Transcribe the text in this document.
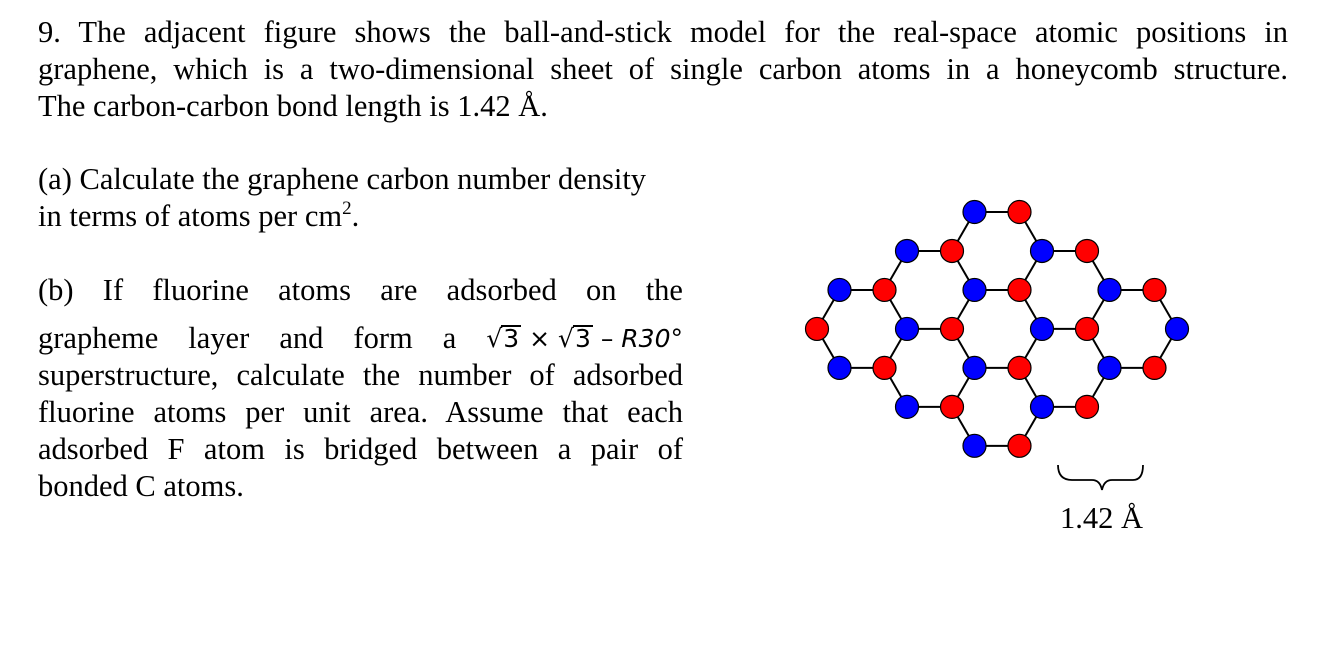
9. The adjacent figure shows the ball-and-stick model for the real-space atomic positions in
graphene, which is a two-dimensional sheet of single carbon atoms in a honeycomb structure.
The carbon-carbon bond length is 1.42 Å.
(a) Calculate the graphene carbon number density
in terms of atoms per $cm^2$.
(b) If fluorine atoms are adsorbed on the
grapheme layer and form a √3 × √3 – R30°
superstructure, calculate the number of adsorbed
fluorine atoms per unit area. Assume that each
adsorbed F atom is bridged between a pair of
bonded C atoms.
1.42 Å
